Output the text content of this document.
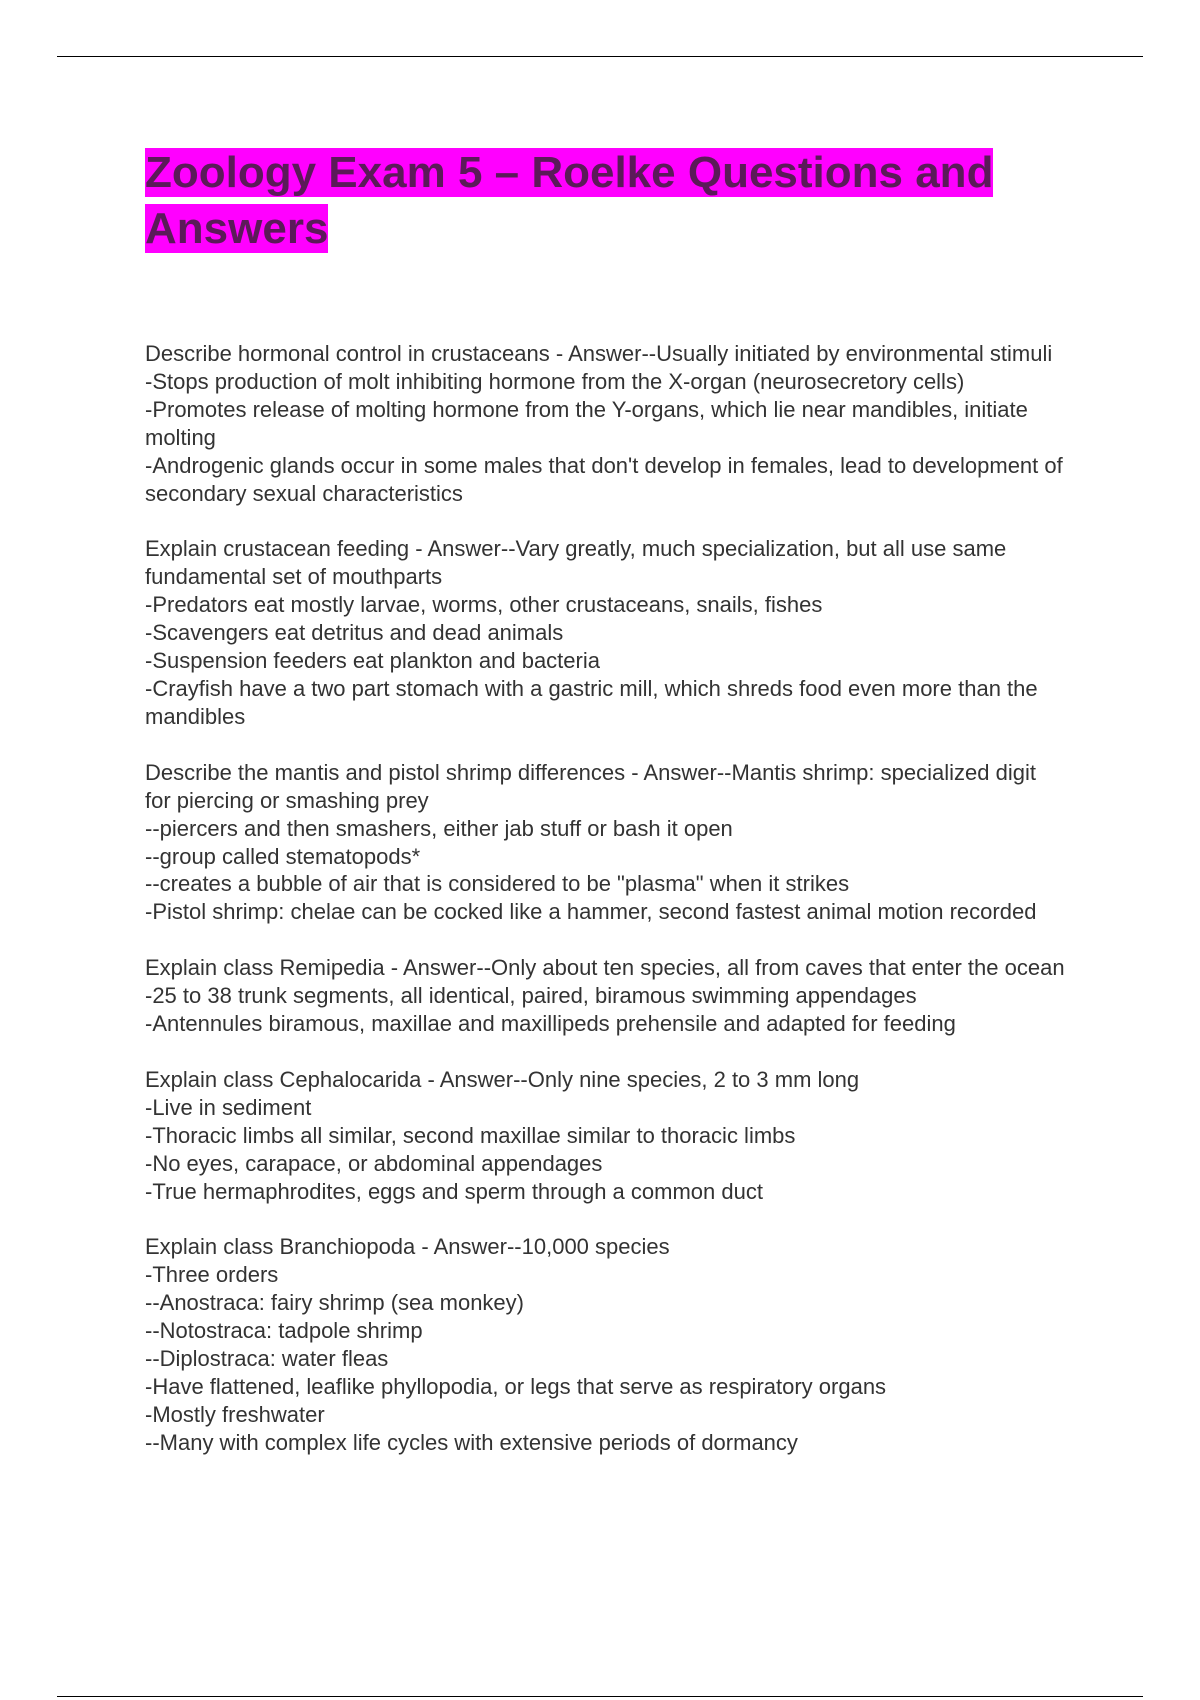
Zoology Exam 5 – Roelke Questions and Answers

Describe hormonal control in crustaceans - Answer--Usually initiated by environmental stimuli

-Stops production of molt inhibiting hormone from the X-organ (neurosecretory cells)

-Promotes release of molting hormone from the Y-organs, which lie near mandibles, initiate molting

-Androgenic glands occur in some males that don't develop in females, lead to development of secondary sexual characteristics

Explain crustacean feeding - Answer--Vary greatly, much specialization, but all use same fundamental set of mouthparts

-Predators eat mostly larvae, worms, other crustaceans, snails, fishes

-Scavengers eat detritus and dead animals

-Suspension feeders eat plankton and bacteria

-Crayfish have a two part stomach with a gastric mill, which shreds food even more than the mandibles

Describe the mantis and pistol shrimp differences - Answer--Mantis shrimp: specialized digit for piercing or smashing prey

--piercers and then smashers, either jab stuff or bash it open

--group called stematopods*

--creates a bubble of air that is considered to be "plasma" when it strikes

-Pistol shrimp: chelae can be cocked like a hammer, second fastest animal motion recorded

Explain class Remipedia - Answer--Only about ten species, all from caves that enter the ocean

-25 to 38 trunk segments, all identical, paired, biramous swimming appendages

-Antennules biramous, maxillae and maxillipeds prehensile and adapted for feeding

Explain class Cephalocarida - Answer--Only nine species, 2 to 3 mm long

-Live in sediment

-Thoracic limbs all similar, second maxillae similar to thoracic limbs

-No eyes, carapace, or abdominal appendages

-True hermaphrodites, eggs and sperm through a common duct

Explain class Branchiopoda - Answer--10,000 species

-Three orders

--Anostraca: fairy shrimp (sea monkey)

--Notostraca: tadpole shrimp

--Diplostraca: water fleas

-Have flattened, leaflike phyllopodia, or legs that serve as respiratory organs

-Mostly freshwater

--Many with complex life cycles with extensive periods of dormancy
